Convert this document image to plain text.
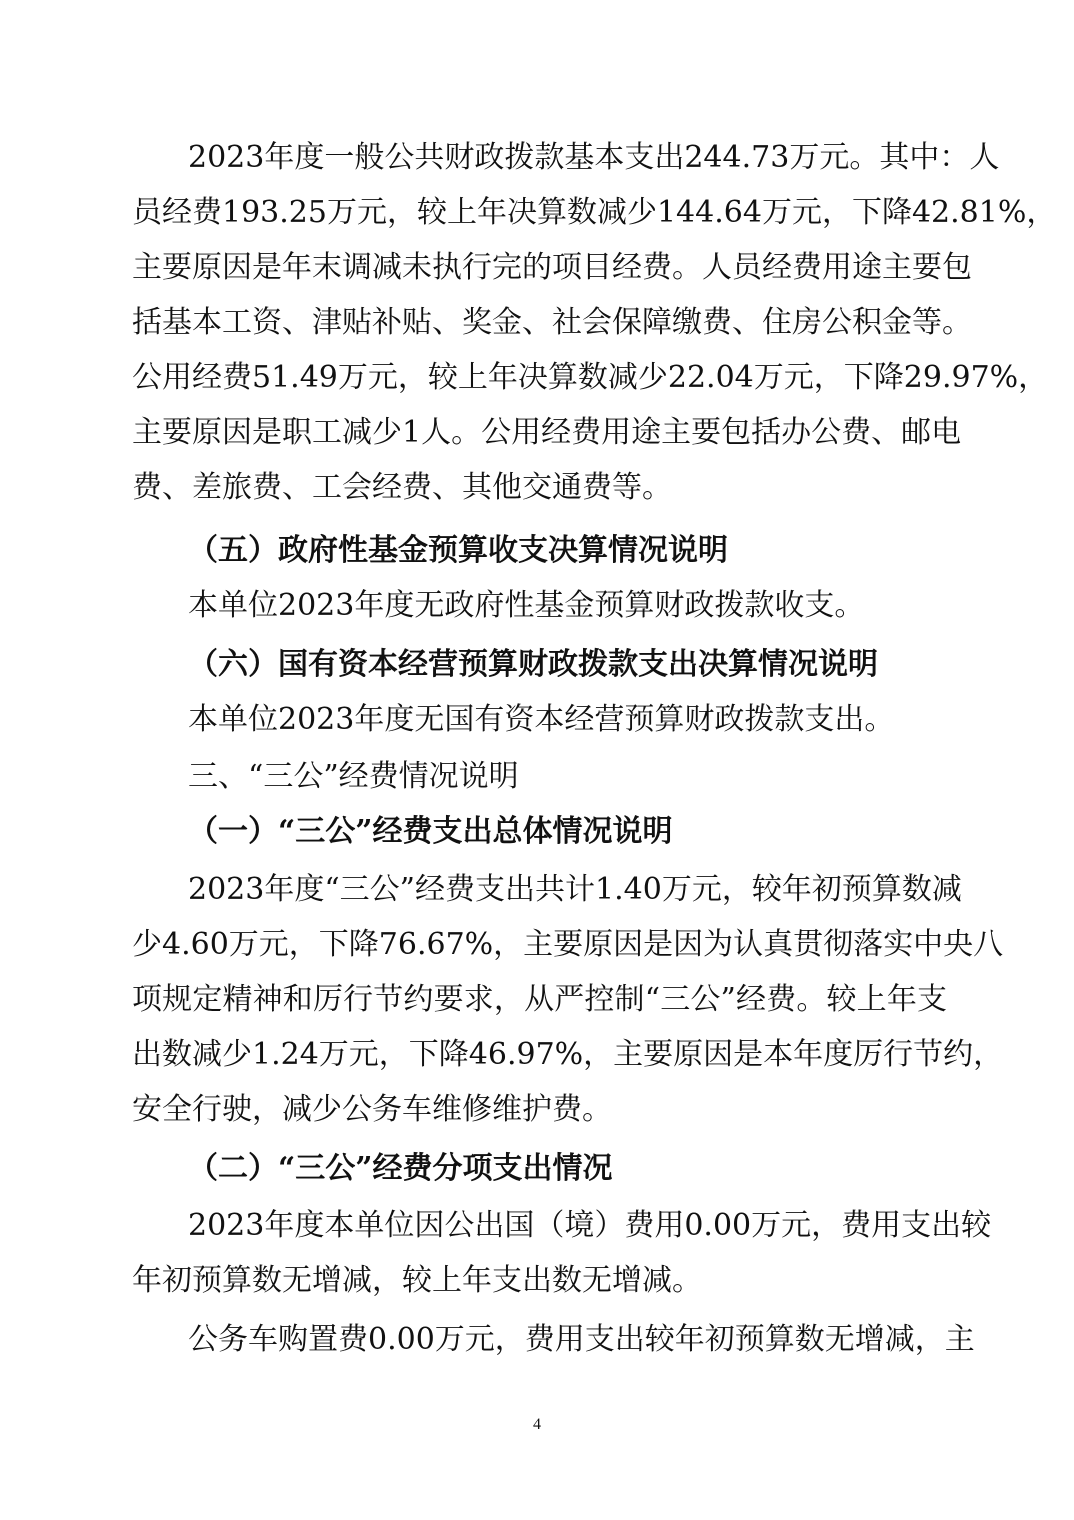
2023年度一般公共财政拨款基本支出244.73万元。其中：人
员经费193.25万元，较上年决算数减少144.64万元，下降42.81%，
主要原因是年末调减未执行完的项目经费。人员经费用途主要包
括基本工资、津贴补贴、奖金、社会保障缴费、住房公积金等。
公用经费51.49万元，较上年决算数减少22.04万元，下降29.97%，
主要原因是职工减少1人。公用经费用途主要包括办公费、邮电
费、差旅费、工会经费、其他交通费等。
（五）政府性基金预算收支决算情况说明
本单位2023年度无政府性基金预算财政拨款收支。
（六）国有资本经营预算财政拨款支出决算情况说明
本单位2023年度无国有资本经营预算财政拨款支出。
三、“三公”经费情况说明
（一）“三公”经费支出总体情况说明
2023年度“三公”经费支出共计1.40万元，较年初预算数减
少4.60万元，下降76.67%，主要原因是因为认真贯彻落实中央八
项规定精神和厉行节约要求，从严控制“三公”经费。较上年支
出数减少1.24万元，下降46.97%，主要原因是本年度厉行节约，
安全行驶，减少公务车维修维护费。
（二）“三公”经费分项支出情况
2023年度本单位因公出国（境）费用0.00万元，费用支出较
年初预算数无增减，较上年支出数无增减。
公务车购置费0.00万元，费用支出较年初预算数无增减，主
4
